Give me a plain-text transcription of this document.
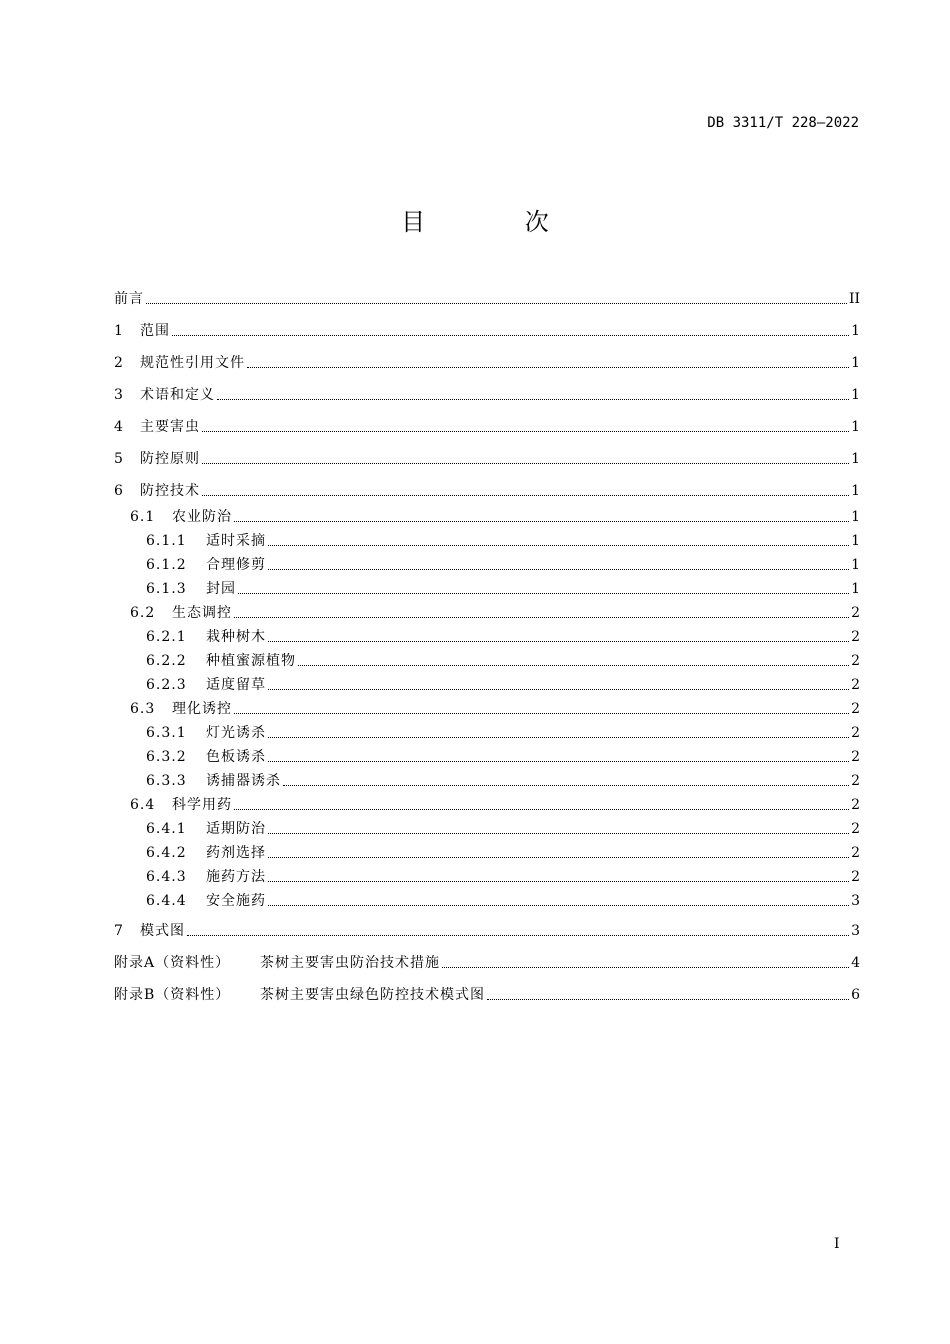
DB 3311/T 228—2022
目 次
前言	II
1	范围	1
2	规范性引用文件	1
3	术语和定义	1
4	主要害虫	1
5	防控原则	1
6	防控技术	1
6.1	农业防治	1
6.1.1	适时采摘	1
6.1.2	合理修剪	1
6.1.3	封园	1
6.2	生态调控	2
6.2.1	栽种树木	2
6.2.2	种植蜜源植物	2
6.2.3	适度留草	2
6.3	理化诱控	2
6.3.1	灯光诱杀	2
6.3.2	色板诱杀	2
6.3.3	诱捕器诱杀	2
6.4	科学用药	2
6.4.1	适期防治	2
6.4.2	药剂选择	2
6.4.3	施药方法	2
6.4.4	安全施药	3
7	模式图	3
附录A（资料性）	茶树主要害虫防治技术措施	4
附录B（资料性）	茶树主要害虫绿色防控技术模式图	6
I
